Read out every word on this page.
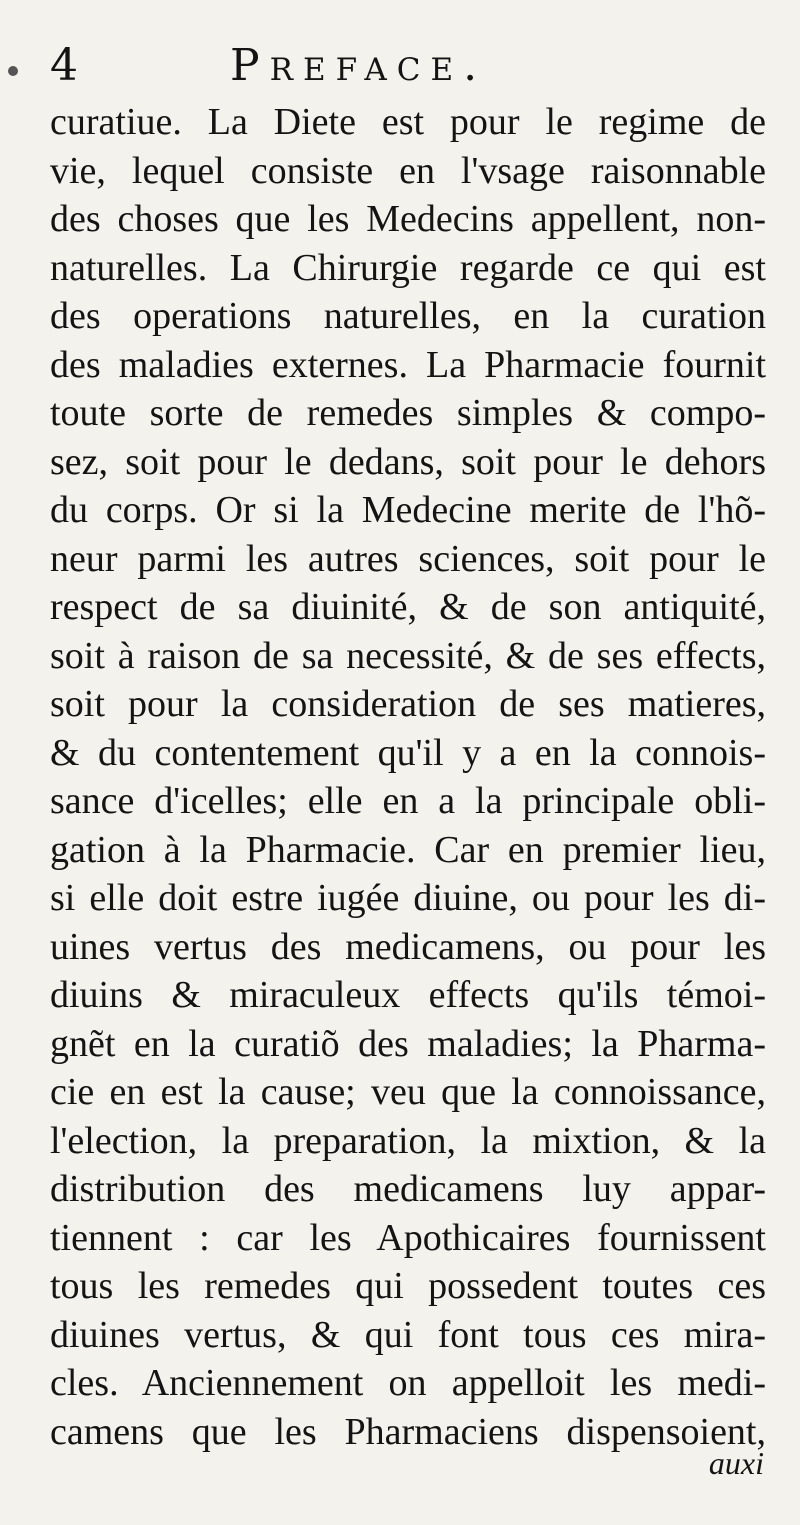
4	Preface.
curatiue. La Diete est pour le regime de
vie, lequel consiste en l'vsage raisonnable
des choses que les Medecins appellent, non-
naturelles. La Chirurgie regarde ce qui est
des operations naturelles, en la curation
des maladies externes. La Pharmacie fournit
toute sorte de remedes simples & compo-
sez, soit pour le dedans, soit pour le dehors
du corps. Or si la Medecine merite de l'hõ-
neur parmi les autres sciences, soit pour le
respect de sa diuinité, & de son antiquité,
soit à raison de sa necessité, & de ses effects,
soit pour la consideration de ses matieres,
& du contentement qu'il y a en la connois-
sance d'icelles; elle en a la principale obli-
gation à la Pharmacie. Car en premier lieu,
si elle doit estre iugée diuine, ou pour les di-
uines vertus des medicamens, ou pour les
diuins & miraculeux effects qu'ils témoi-
gnẽt en la curatiõ des maladies; la Pharma-
cie en est la cause; veu que la connoissance,
l'election, la preparation, la mixtion, & la
distribution des medicamens luy appar-
tiennent : car les Apothicaires fournissent
tous les remedes qui possedent toutes ces
diuines vertus, & qui font tous ces mira-
cles. Anciennement on appelloit les medi-
camens que les Pharmaciens dispensoient,
auxi
